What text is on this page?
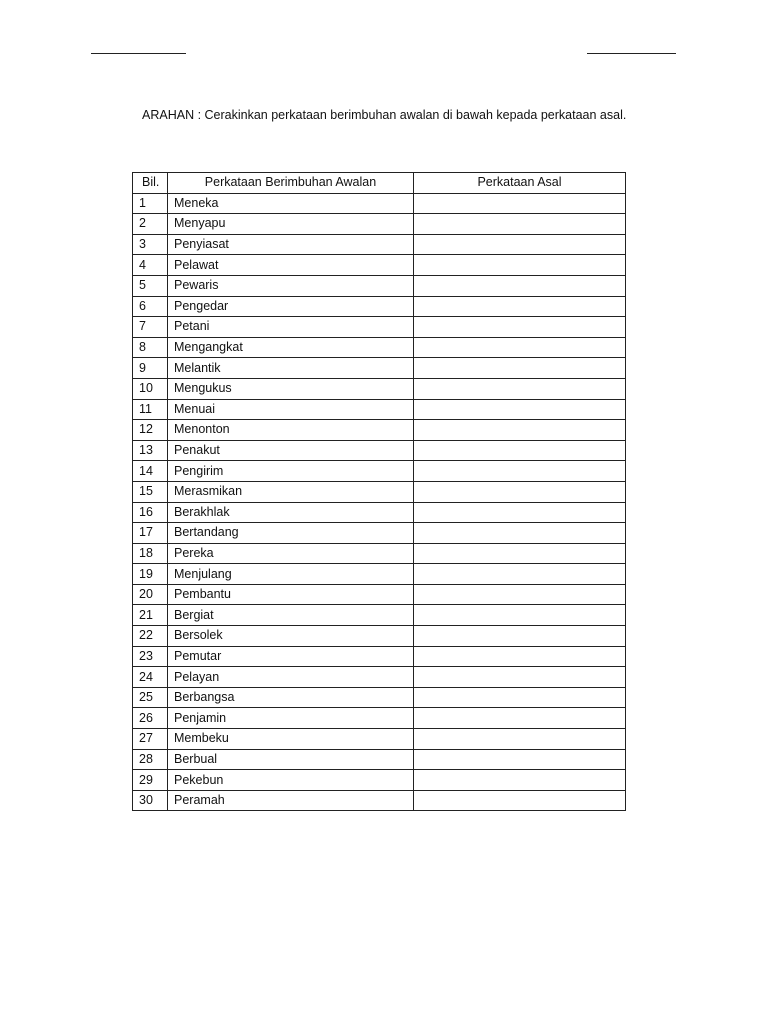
ARAHAN : Cerakinkan perkataan berimbuhan awalan di bawah kepada perkataan asal.
Bil.	Perkataan Berimbuhan Awalan	Perkataan Asal
1	Meneka	
2	Menyapu	
3	Penyiasat	
4	Pelawat	
5	Pewaris	
6	Pengedar	
7	Petani	
8	Mengangkat	
9	Melantik	
10	Mengukus	
11	Menuai	
12	Menonton	
13	Penakut	
14	Pengirim	
15	Merasmikan	
16	Berakhlak	
17	Bertandang	
18	Pereka	
19	Menjulang	
20	Pembantu	
21	Bergiat	
22	Bersolek	
23	Pemutar	
24	Pelayan	
25	Berbangsa	
26	Penjamin	
27	Membeku	
28	Berbual	
29	Pekebun	
30	Peramah	
